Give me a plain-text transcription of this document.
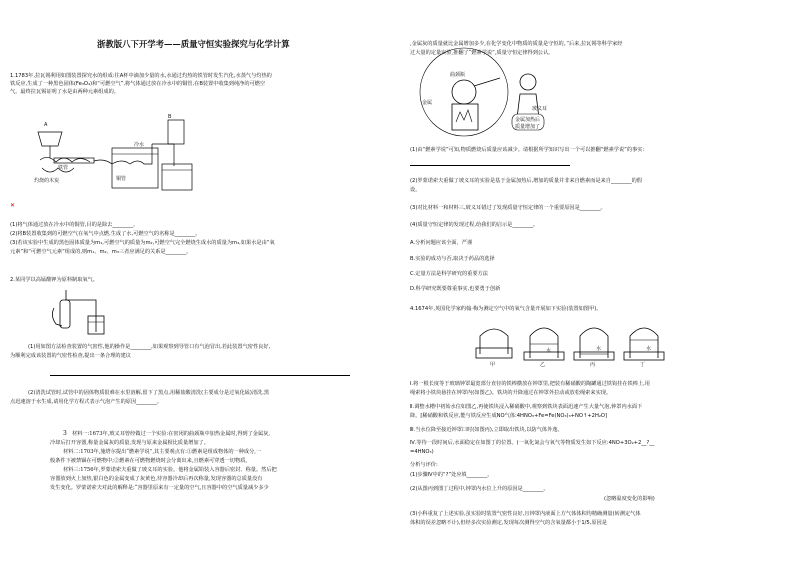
浙教版八下开学考——质量守恒实验探究与化学计算
1.1783年,拉瓦锡利用如图装置探究水的组成:往A杯中滴加少量的水,水通过灼热的铁管时发生汽化,水蒸气与灼热的
铁反应,生成了一种黑色固体(Fe₃O₄)和“可燃空气”,将气体通过放在冷水中的铜管,在B装置中收集到纯净的可燃空
气。最终拉瓦锡证明了水是由两种元素组成的。
A
铁管
灼烧的木炭
冷水
铜管
B
✕
(1)将气体通过放在冷水中的铜管,目的是除去________。
(2)将B装置收集到的可燃空气在氧气中点燃,生成了水,可燃空气的名称是________。
(3)若该实验中生成的黑色固体质量为m₁,可燃空气的质量为m₂,可燃空气完全燃烧生成水的质量为m₃,如果水是由“氧
元素”和“可燃空气元素”组成的,则m₁、m₂、m₃三者应满足的关系是________。
2.某同学以高锰酸钾为原料制取氧气。
(1)用如图方法检查装置的气密性,他的操作是________,如果观察到导管口有气泡冒出,若此装置气密性良好,
为顺利完成该装置的气密性检查,提出一条合理的建议
(2)清洗试管时,试管中的固体物质很难在水里溶解,留下了黑点,用稀盐酸清洗(主要成分是过氧化锰)清洗,黑
点迅速溶于水生成,请用化学方程式表示气泡产生的原因________。
3 材料一:1673年,玻义耳曾经做过一个实验:在密闭的曲颈瓶中加热金属时,得到了金属灰,
冷却后打开容器,称量金属灰的质量,发现与原来金属相比质量增加了。
材料二:1703年,施塔尔提出“燃素学说”,其主要观点有:①燃素是组成物体的一种成分,一
般条件下被禁锢在可燃物中;②燃素在可燃物燃烧时会分离出来,且燃素可穿透一切物质。
材料三:1756年,罗蒙诺索夫重做了玻义耳的实验。他将金属铅装入容器后密封、称量。然后把
容器放到火上加热,银白色的金属变成了灰黄色,待容器冷却后再次称量,发现容器的总质量没有
发生变化。罗蒙诺索夫对此的解释是:“容器里原来有一定量的空气,且容器中的空气质量减少多少
,金属灰的质量就比金属增加多少,在化学变化中物质的质量是守恒的。”后来,拉瓦锡等科学家经
过大量的定量实验,推翻了“燃素学说”,质量守恒定律得到公认。
曲颈瓶
金属
玻义耳
金属加热后
质量增加了
(1)由“燃素学说”可知,物质燃烧后质量应该减少。请根据所学知识写出一个可以推翻“燃素学说”的事实:
(2)罗蒙诺索夫重做了玻义耳的实验是基于金属加热后,增加的质量并非来自燃素而是来自________的假
设。
(3)对比材料一和材料三,玻义耳错过了发现质量守恒定律的一个重要原因是________。
(4)质量守恒定律的发现过程,给我们的启示是________。
A.分析问题应该全面、严谨
B.实验的成功与否,取决于药品的选择
C.定量方法是科学研究的重要方法
D.科学研究既要尊重事实,也要勇于创新
4.1674年,英国化学家约翰·梅为测定空气中的氧气含量开展如下实验(装置如图甲)。
甲	乙
水
丙
水
丁
水
Ⅰ.将一根长度等于玻璃钟罩最宽部分直径的铁棒横放在钟罩里,把装有稀硝酸的陶罐通过铁钩挂在铁棒上,用
绳索将小铁块悬挂在钟罩内(如图乙)。铁块的升降通过在钟罩外拉动或放松绳索来实现。
Ⅱ.调整水槽中初始水位如图乙,再使铁块浸入稀硝酸中,观察到铁块表面迅速产生大量气泡,钟罩内水面下
降。[稀硝酸和铁反应,能与铁反应生成NO气体:4HNO₃+Fe=Fe(NO₃)₃+NO↑+2H₂O]
Ⅲ.当水位降至接近钟罩口时(如图丙),立即取出铁块,以防气体外逸。
Ⅳ.等待一段时间后,水面稳定在如图丁的位置。(一氧化氮会与氧气等物质发生如下反应:4NO+3O₂+2__?__
=4HNO₃)
分析与评价:
(1)步骤Ⅳ中的“?”处应填________。
(2)从图丙到图丁过程中,钟罩内水位上升的原因是________。
(忽略温度变化的影响)
(3)小科重复了上述实验,虽实验时装置气密性良好,且钟罩内液面上方气体体积均精确测量(转测定气体
体积的误差忽略不计),但经多次实验测定,发现每次测得空气的含氧量都小于1/5,原因是
